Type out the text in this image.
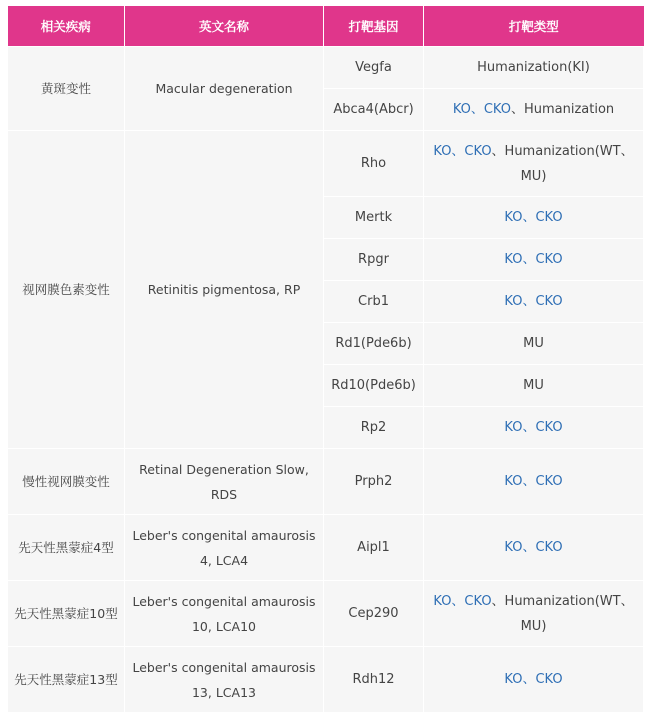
相关疾病	英文名称	打靶基因	打靶类型
黄斑变性	Macular degeneration	Vegfa	Humanization(KI)
		Abca4(Abcr)	KO、CKO、Humanization
视网膜色素变性	Retinitis pigmentosa, RP	Rho	KO、CKO、Humanization(WT、MU)
		Mertk	KO、CKO
		Rpgr	KO、CKO
		Crb1	KO、CKO
		Rd1(Pde6b)	MU
		Rd10(Pde6b)	MU
		Rp2	KO、CKO
慢性视网膜变性	Retinal Degeneration Slow, RDS	Prph2	KO、CKO
先天性黑蒙症4型	Leber's congenital amaurosis 4, LCA4	Aipl1	KO、CKO
先天性黑蒙症10型	Leber's congenital amaurosis 10, LCA10	Cep290	KO、CKO、Humanization(WT、MU)
先天性黑蒙症13型	Leber's congenital amaurosis 13, LCA13	Rdh12	KO、CKO
